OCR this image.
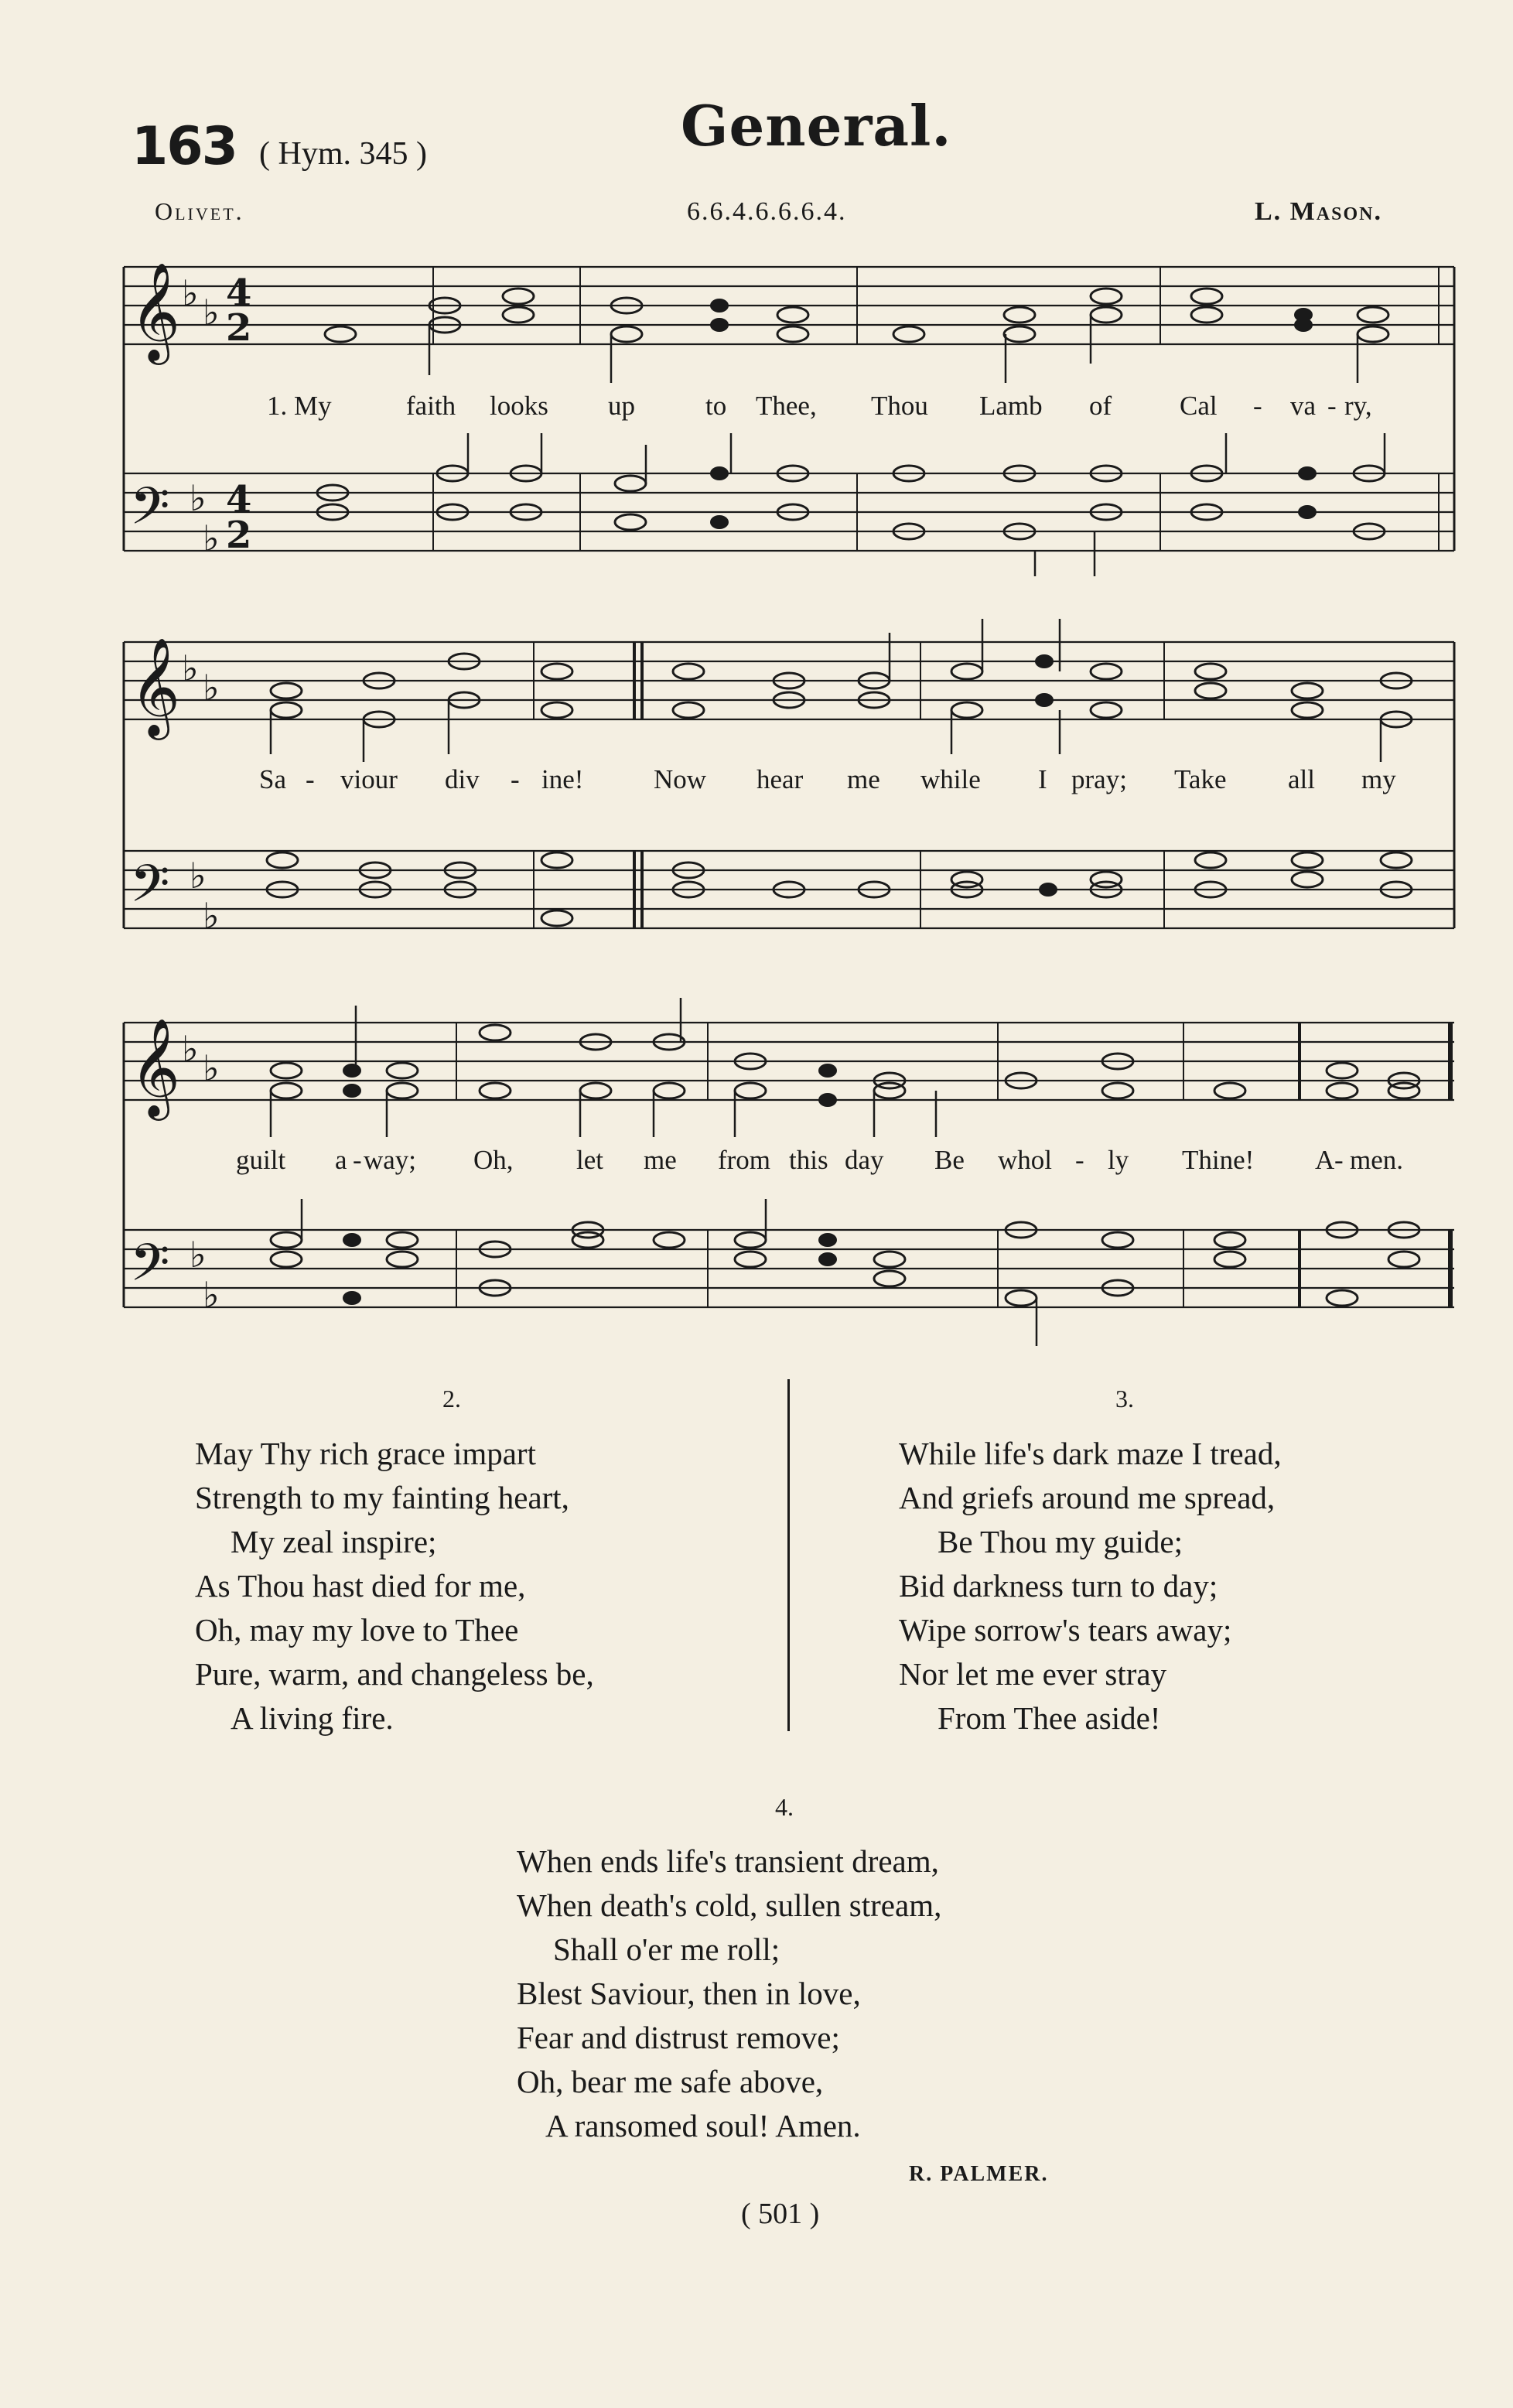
163 ( Hym. 345 )	General.
Olivet.	6.6.4.6.6.6.4.	L. Mason.
𝄞 ♭ ♭ 4
2
𝄢 ♭
♭
4
2
𝄞 ♭ ♭
𝄢 ♭
♭
𝄞 ♭ ♭
𝄢 ♭
♭
1. My	faith looks up	to Thee, Thou Lamb of	Cal - va - ry,
Sa - viour div - ine!	Now hear me while I pray; Take all my
guilt a - way; Oh, let me from this day Be whol - ly Thine! A - men.
2.
May Thy rich grace impart
Strength to my fainting heart,
My zeal inspire;
As Thou hast died for me,
Oh, may my love to Thee
Pure, warm, and changeless be,
A living fire.
3.
While life's dark maze I tread,
And griefs around me spread,
Be Thou my guide;
Bid darkness turn to day;
Wipe sorrow's tears away;
Nor let me ever stray
From Thee aside!
4.
When ends life's transient dream,
When death's cold, sullen stream,
Shall o'er me roll;
Blest Saviour, then in love,
Fear and distrust remove;
Oh, bear me safe above,
A ransomed soul! Amen.
R. PALMER.
( 501 )
